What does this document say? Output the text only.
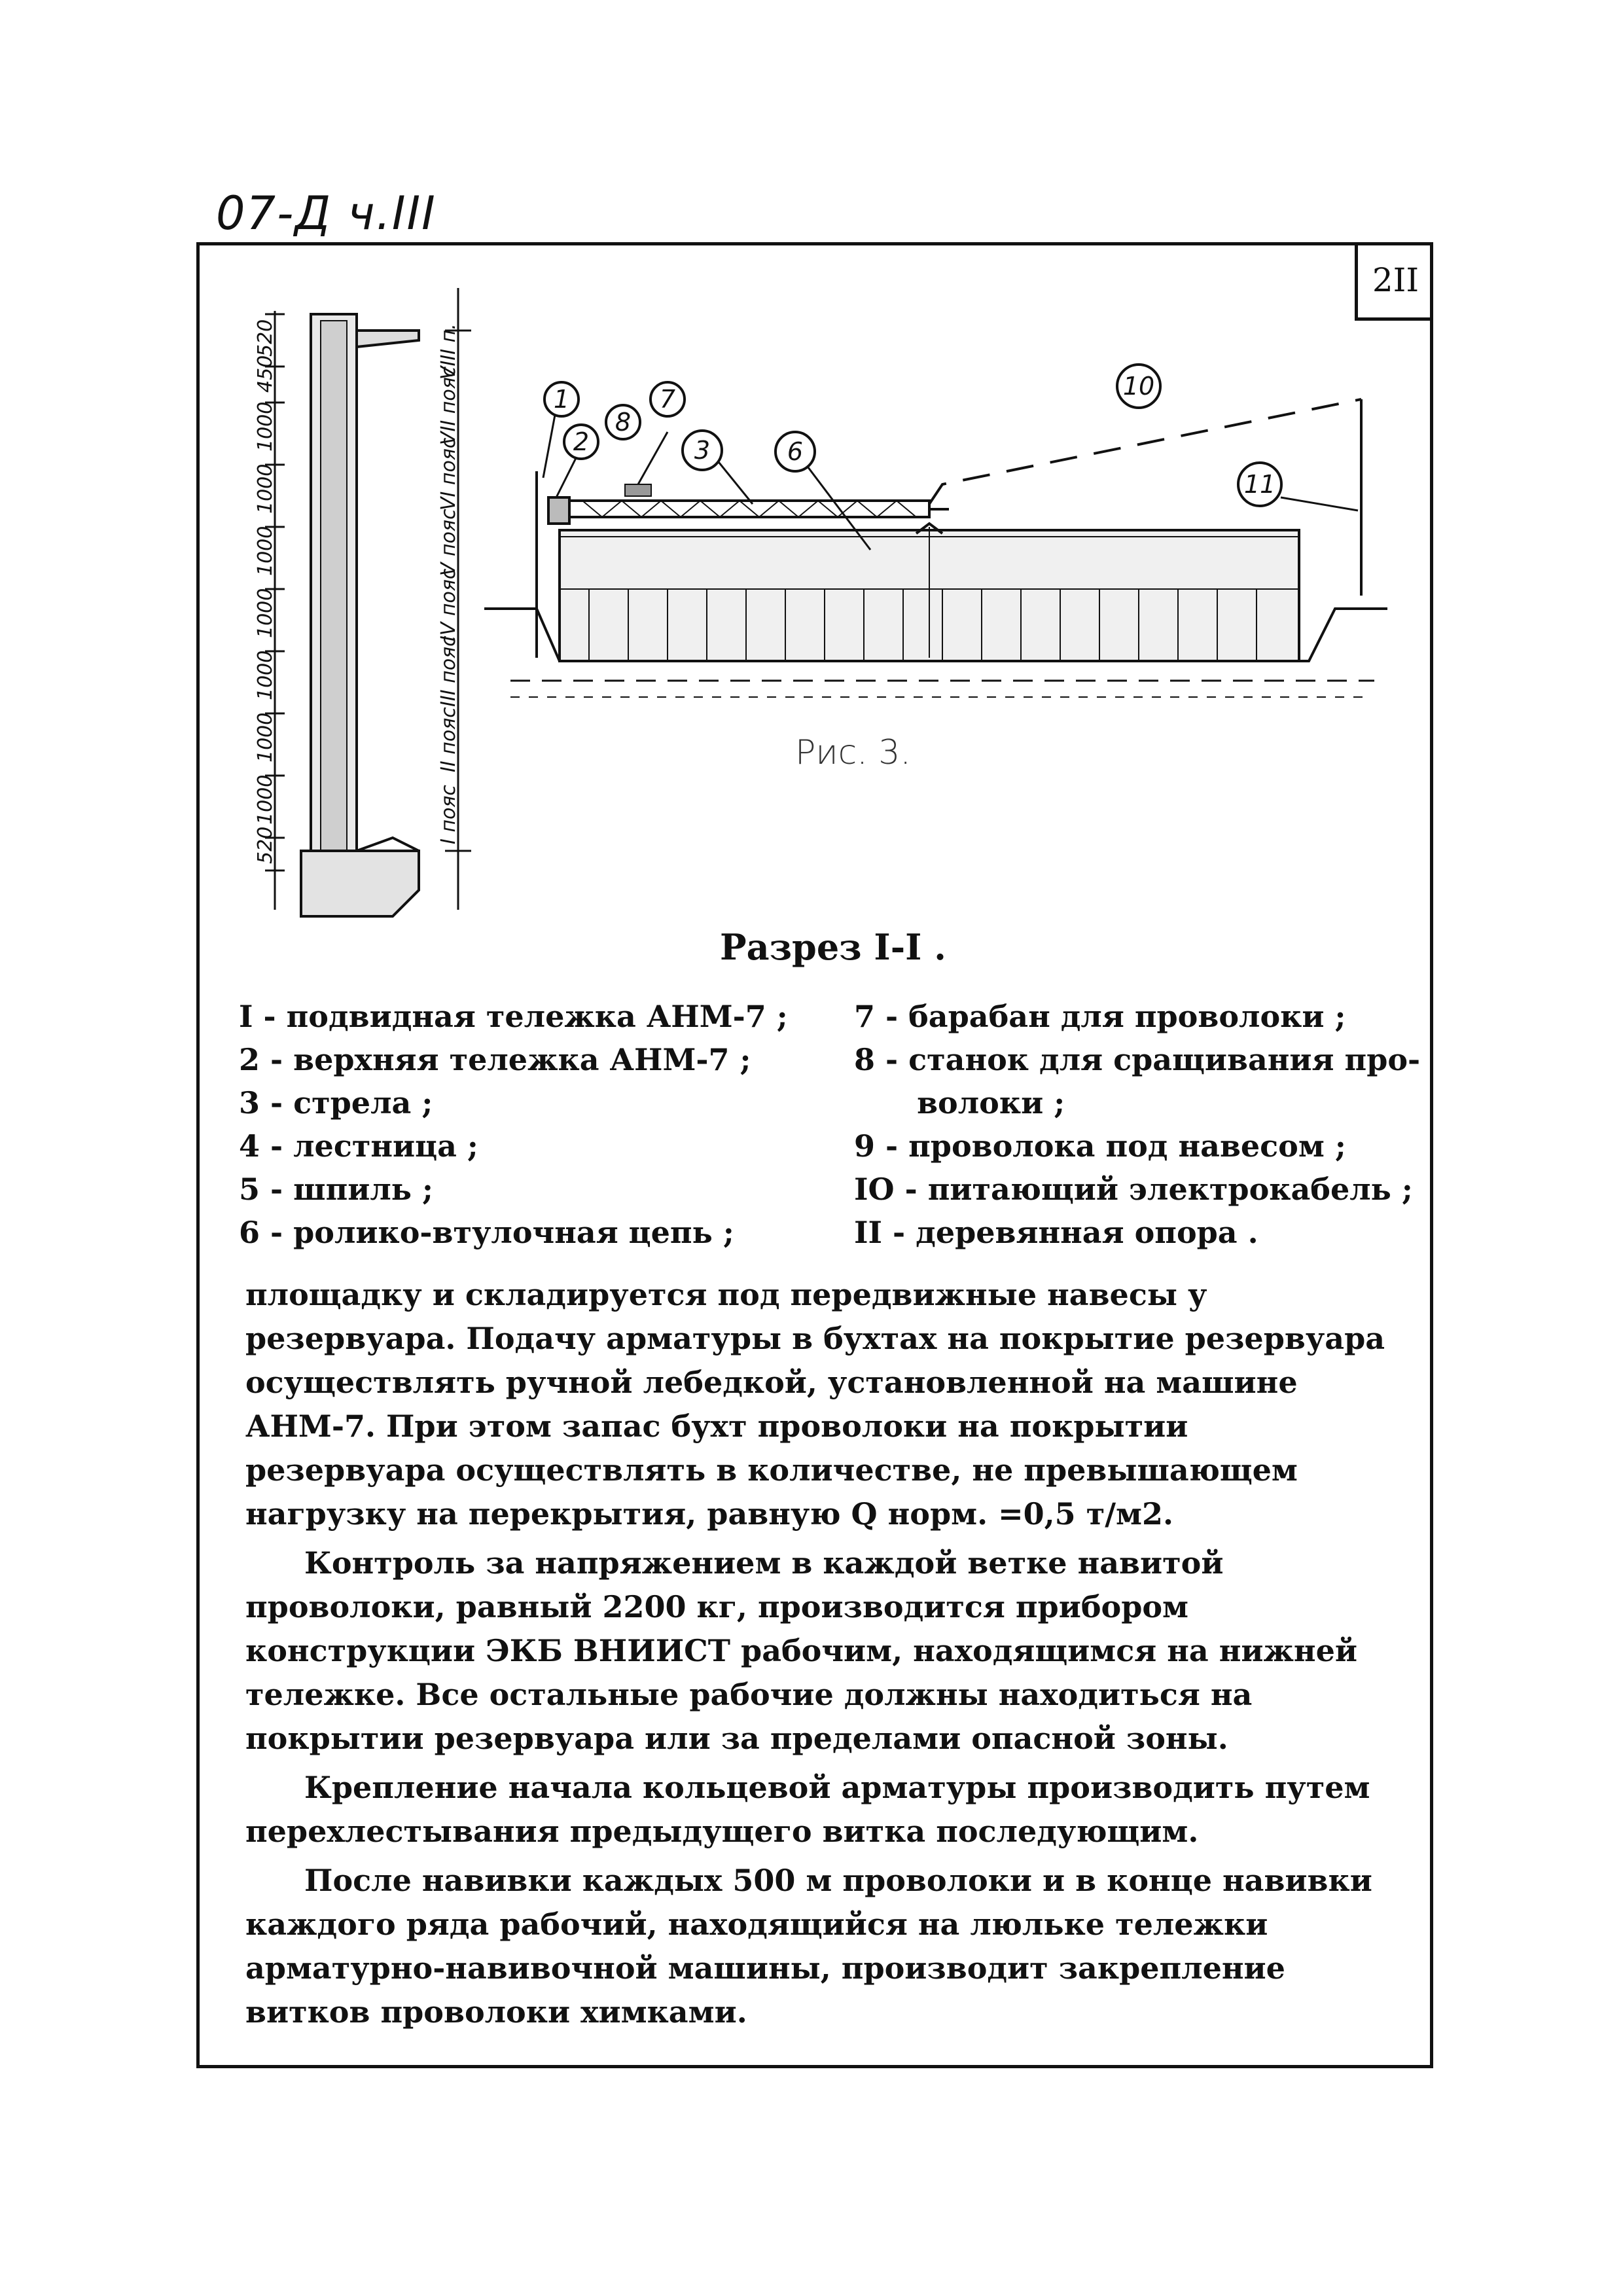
07-Д ч.III
2II
520
1000
1000
1000
1000
1000
1000
1000
450
520
I пояс
II пояс
III пояс
IV пояс
V пояс
VI пояс
VII пояс
VIII п.
1
2
8
7
3	6
10
11
Рис. 3.
Разрез I-I .
I - подвидная тележка АНМ-7 ;
2 - верхняя тележка АНМ-7 ;
3 - стрела ;
4 - лестница ;
5 - шпиль ;
6 - ролико-втулочная цепь ;
7 - барабан для проволоки ;
8 - станок для сращивания про-
волоки ;
9 - проволока под навесом ;
IO - питающий электрокабель ;
II - деревянная опора .

площадку и складируется под передвижные навесы у резервуара. Подачу арматуры в бухтах на покрытие резервуара осуществлять ручной лебедкой, установленной на машине АНМ-7. При этом запас бухт проволоки на покрытии резервуара осуществлять в количестве, не превышающем нагрузку на перекрытия, равную Q норм. =0,5 т/м2.

Контроль за напряжением в каждой ветке навитой проволоки, равный 2200 кг, производится прибором конструкции ЭКБ ВНИИСТ рабочим, находящимся на нижней тележке. Все остальные рабочие должны находиться на покрытии резервуара или за пределами опасной зоны.

Крепление начала кольцевой арматуры производить путем перехлестывания предыдущего витка последующим.

После навивки каждых 500 м проволоки и в конце навивки каждого ряда рабочий, находящийся на люльке тележки арматурно-навивочной машины, производит закрепление витков проволоки химками.
